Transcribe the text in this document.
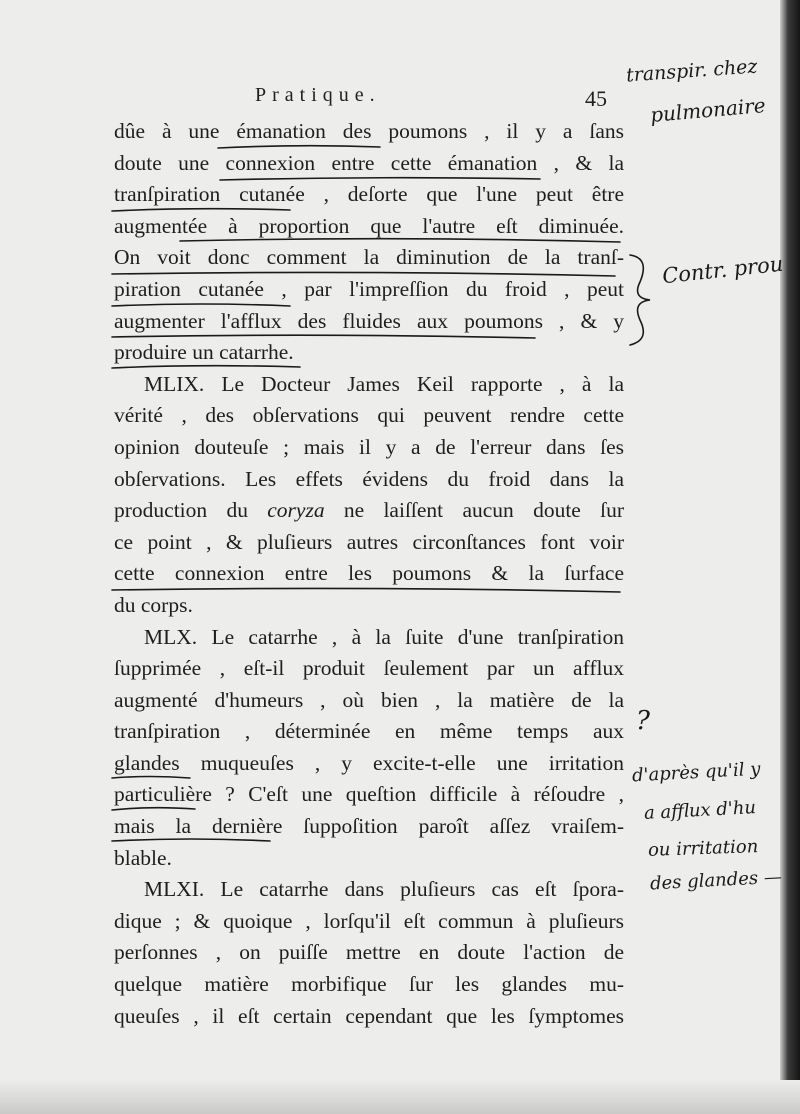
Pratique.	45
dûe à une émanation des poumons , il y a ſans
doute une connexion entre cette émanation , & la
tranſpiration cutanée , deſorte que l'une peut être
augmentée à proportion que l'autre eſt diminuée.
On voit donc comment la diminution de la tranſ-
piration cutanée , par l'impreſſion du froid , peut
augmenter l'afflux des fluides aux poumons , & y
produire un catarrhe.
MLIX. Le Docteur James Keil rapporte , à la
vérité , des obſervations qui peuvent rendre cette
opinion douteuſe ; mais il y a de l'erreur dans ſes
obſervations. Les effets évidens du froid dans la
production du coryza ne laiſſent aucun doute ſur
ce point , & pluſieurs autres circonſtances font voir
cette connexion entre les poumons & la ſurface
du corps.
MLX. Le catarrhe , à la ſuite d'une tranſpiration
ſupprimée , eſt-il produit ſeulement par un afflux
augmenté d'humeurs , où bien , la matière de la
tranſpiration , déterminée en même temps aux
glandes muqueuſes , y excite-t-elle une irritation
particulière ? C'eſt une queſtion difficile à réſoudre ,
mais la dernière ſuppoſition paroît aſſez vraiſem-
blable.
MLXI. Le catarrhe dans pluſieurs cas eſt ſpora-
dique ; & quoique , lorſqu'il eſt commun à pluſieurs
perſonnes , on puiſſe mettre en doute l'action de
quelque matière morbifique ſur les glandes mu-
queuſes , il eſt certain cependant que les ſymptomes
transpir. chez
pulmonaire
Contr. prou
?
d'après qu'il y
a afflux d'hu
ou irritation
des glandes —
